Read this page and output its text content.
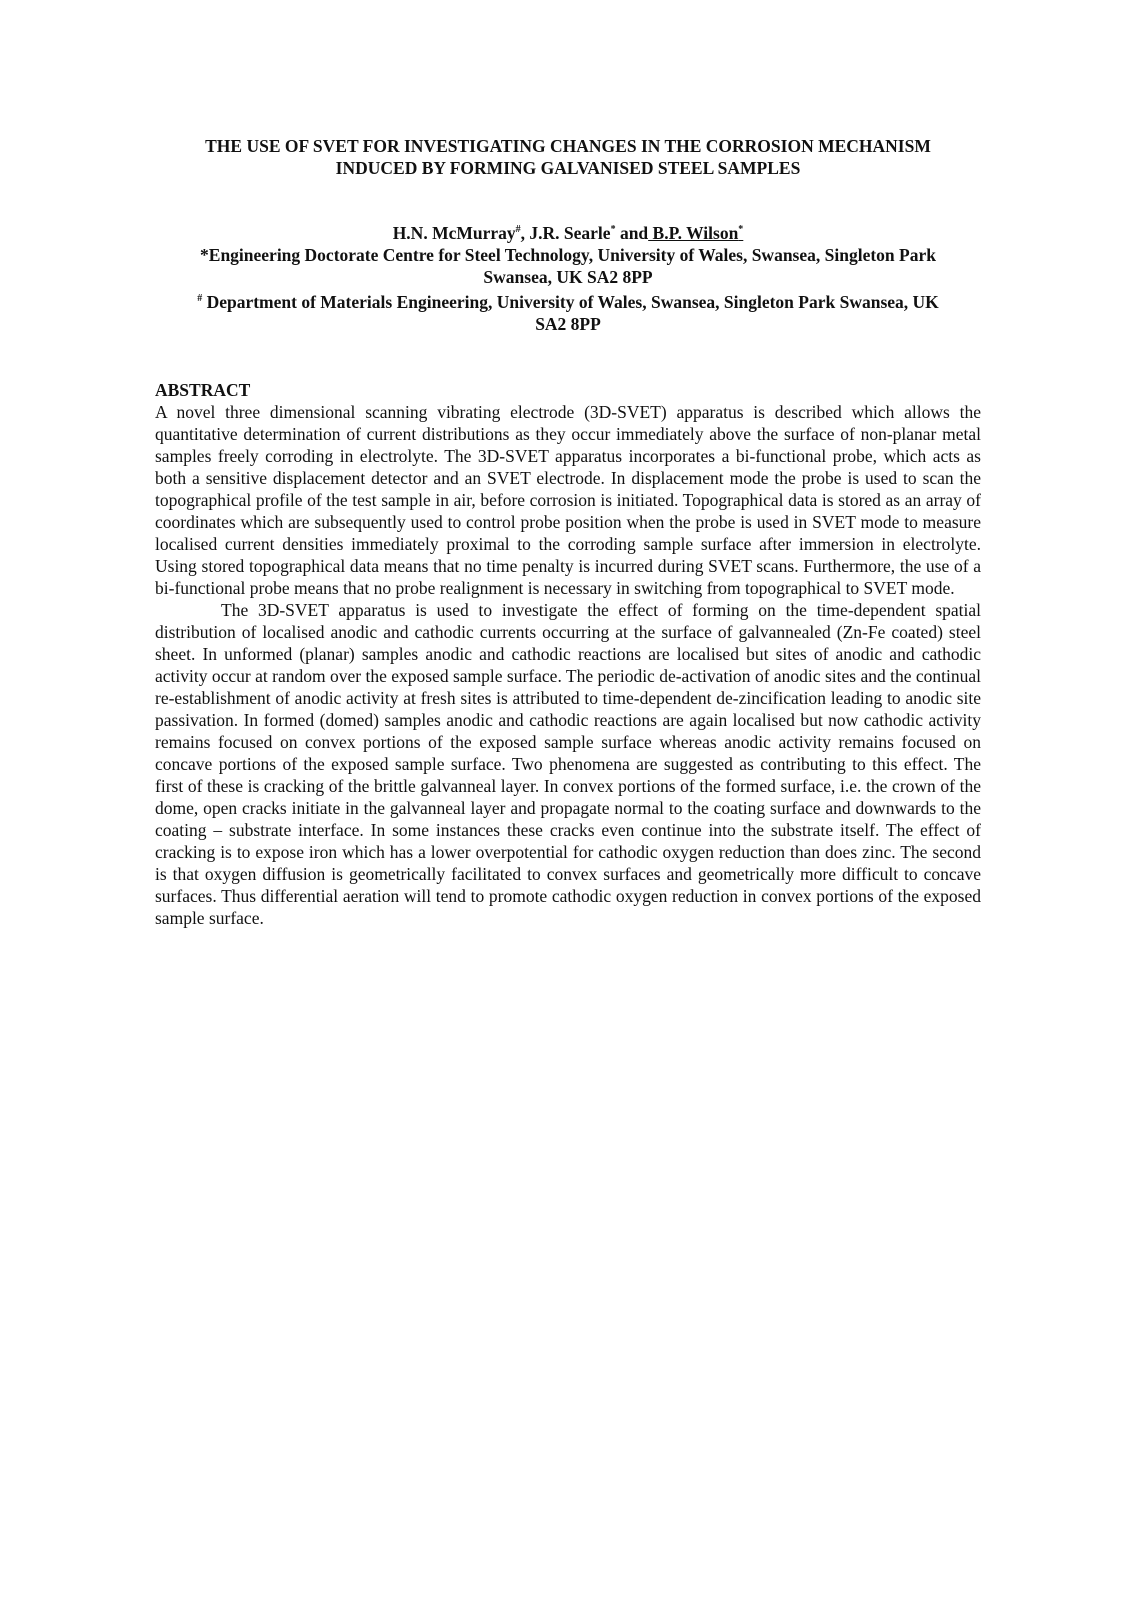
THE USE OF SVET FOR INVESTIGATING CHANGES IN THE CORROSION MECHANISM
INDUCED BY FORMING GALVANISED STEEL SAMPLES
H.N. McMurray#, J.R. Searle* and B.P. Wilson*
*Engineering Doctorate Centre for Steel Technology, University of Wales, Swansea, Singleton Park
Swansea, UK SA2 8PP
# Department of Materials Engineering, University of Wales, Swansea, Singleton Park Swansea, UK
SA2 8PP
ABSTRACT

A novel three dimensional scanning vibrating electrode (3D-SVET) apparatus is described which allows the quantitative determination of current distributions as they occur immediately above the surface of non-planar metal samples freely corroding in electrolyte. The 3D-SVET apparatus incorporates a bi-functional probe, which acts as both a sensitive displacement detector and an SVET electrode. In displacement mode the probe is used to scan the topographical profile of the test sample in air, before corrosion is initiated. Topographical data is stored as an array of coordinates which are subsequently used to control probe position when the probe is used in SVET mode to measure localised current densities immediately proximal to the corroding sample surface after immersion in electrolyte. Using stored topographical data means that no time penalty is incurred during SVET scans. Furthermore, the use of a bi-functional probe means that no probe realignment is necessary in switching from topographical to SVET mode.

The 3D-SVET apparatus is used to investigate the effect of forming on the time-dependent spatial distribution of localised anodic and cathodic currents occurring at the surface of galvannealed (Zn-Fe coated) steel sheet. In unformed (planar) samples anodic and cathodic reactions are localised but sites of anodic and cathodic activity occur at random over the exposed sample surface. The periodic de-activation of anodic sites and the continual re-establishment of anodic activity at fresh sites is attributed to time-dependent de-zincification leading to anodic site passivation. In formed (domed) samples anodic and cathodic reactions are again localised but now cathodic activity remains focused on convex portions of the exposed sample surface whereas anodic activity remains focused on concave portions of the exposed sample surface. Two phenomena are suggested as contributing to this effect. The first of these is cracking of the brittle galvanneal layer. In convex portions of the formed surface, i.e. the crown of the dome, open cracks initiate in the galvanneal layer and propagate normal to the coating surface and downwards to the coating – substrate interface. In some instances these cracks even continue into the substrate itself. The effect of cracking is to expose iron which has a lower overpotential for cathodic oxygen reduction than does zinc. The second is that oxygen diffusion is geometrically facilitated to convex surfaces and geometrically more difficult to concave surfaces. Thus differential aeration will tend to promote cathodic oxygen reduction in convex portions of the exposed sample surface.
